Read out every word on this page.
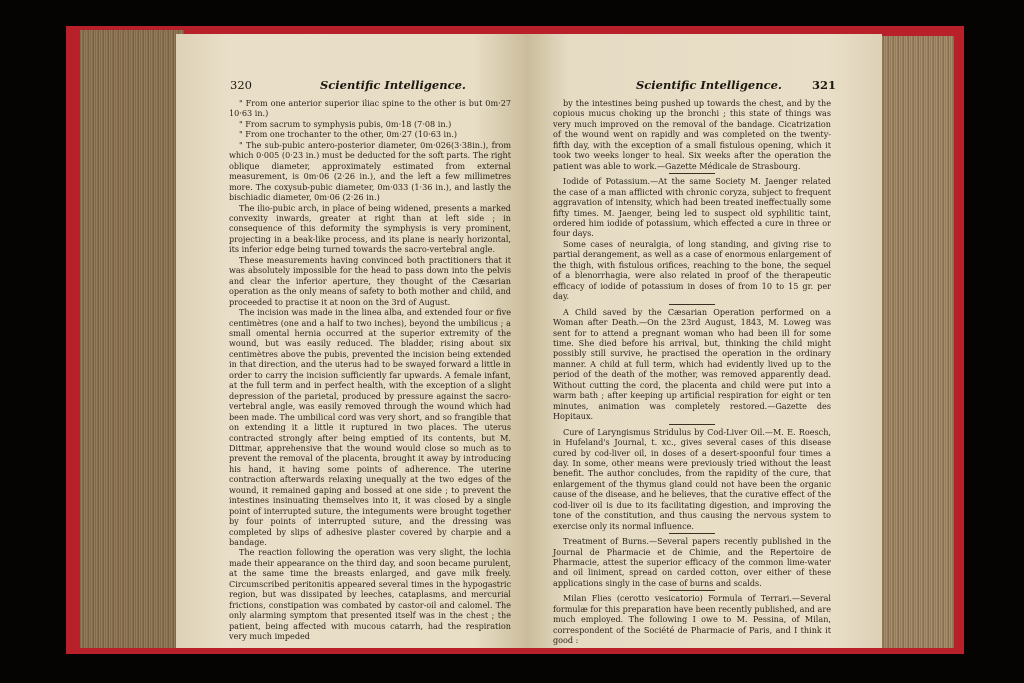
320	Scientific Intelligence.

" From one anterior superior iliac spine to the other is but 0m·27 10·63 in.)

" From sacrum to symphysis pubis, 0m·18 (7·08 in.)

" From one trochanter to the other, 0m·27 (10·63 in.)

" The sub-pubic antero-posterior diameter, 0m·026(3·38in.), from which 0·005 (0·23 in.) must be deducted for the soft parts. The right oblique diameter, approximately estimated from external measurement, is 0m·06 (2·26 in.), and the left a few millimetres more. The coxysub-pubic diameter, 0m·033 (1·36 in.), and lastly the bischiadic diameter, 0m·06 (2·26 in.)

The ilio-pubic arch, in place of being widened, presents a marked convexity inwards, greater at right than at left side ; in consequence of this deformity the symphysis is very prominent, projecting in a beak-like process, and its plane is nearly horizontal, its inferior edge being turned towards the sacro-vertebral angle.

These measurements having convinced both practitioners that it was absolutely impossible for the head to pass down into the pelvis and clear the inferior aperture, they thought of the Cæsarian operation as the only means of safety to both mother and child, and proceeded to practise it at noon on the 3rd of August.

The incision was made in the linea alba, and extended four or five centimètres (one and a half to two inches), beyond the umbilicus ; a small omental hernia occurred at the superior extremity of the wound, but was easily reduced. The bladder, rising about six centimètres above the pubis, prevented the incision being extended in that direction, and the uterus had to be swayed forward a little in order to carry the incision sufficiently far upwards. A female infant, at the full term and in perfect health, with the exception of a slight depression of the parietal, produced by pressure against the sacro-vertebral angle, was easily removed through the wound which had been made. The umbilical cord was very short, and so frangible that on extending it a little it ruptured in two places. The uterus contracted strongly after being emptied of its contents, but M. Dittmar, apprehensive that the wound would close so much as to prevent the removal of the placenta, brought it away by introducing his hand, it having some points of adherence. The uterine contraction afterwards relaxing unequally at the two edges of the wound, it remained gaping and bossed at one side ; to prevent the intestines insinuating themselves into it, it was closed by a single point of interrupted suture, the integuments were brought together by four points of interrupted suture, and the dressing was completed by slips of adhesive plaster covered by charpie and a bandage.

The reaction following the operation was very slight, the lochia made their appearance on the third day, and soon became purulent, at the same time the breasts enlarged, and gave milk freely. Circumscribed peritonitis appeared several times in the hypogastric region, but was dissipated by leeches, cataplasms, and mercurial frictions, constipation was combated by castor-oil and calomel. The only alarming symptom that presented itself was in the chest ; the patient, being affected with mucous catarrh, had the respiration very much impeded

Scientific Intelligence.	321

by the intestines being pushed up towards the chest, and by the copious mucus choking up the bronchi ; this state of things was very much improved on the removal of the bandage. Cicatrization of the wound went on rapidly and was completed on the twenty-fifth day, with the exception of a small fistulous opening, which it took two weeks longer to heal. Six weeks after the operation the patient was able to work.—Gazette Médicale de Strasbourg.

Iodide of Potassium.—At the same Society M. Jaenger related the case of a man afflicted with chronic coryza, subject to frequent aggravation of intensity, which had been treated ineffectually some fifty times. M. Jaenger, being led to suspect old syphilitic taint, ordered him iodide of potassium, which effected a cure in three or four days.

Some cases of neuralgia, of long standing, and giving rise to partial derangement, as well as a case of enormous enlargement of the thigh, with fistulous orifices, reaching to the bone, the sequel of a blenorrhagia, were also related in proof of the therapeutic efficacy of iodide of potassium in doses of from 10 to 15 gr. per day.

A Child saved by the Cæsarian Operation performed on a Woman after Death.—On the 23rd August, 1843, M. Loweg was sent for to attend a pregnant woman who had been ill for some time. She died before his arrival, but, thinking the child might possibly still survive, he practised the operation in the ordinary manner. A child at full term, which had evidently lived up to the period of the death of the mother, was removed apparently dead. Without cutting the cord, the placenta and child were put into a warm bath ; after keeping up artificial respiration for eight or ten minutes, animation was completely restored.—Gazette des Hopitaux.

Cure of Laryngismus Stridulus by Cod-Liver Oil.—M. E. Roesch, in Hufeland's Journal, t. xc., gives several cases of this disease cured by cod-liver oil, in doses of a desert-spoonful four times a day. In some, other means were previously tried without the least benefit. The author concludes, from the rapidity of the cure, that enlargement of the thymus gland could not have been the organic cause of the disease, and he believes, that the curative effect of the cod-liver oil is due to its facilitating digestion, and improving the tone of the constitution, and thus causing the nervous system to exercise only its normal influence.

Treatment of Burns.—Several papers recently published in the Journal de Pharmacie et de Chimie, and the Repertoire de Pharmacie, attest the superior efficacy of the common lime-water and oil liniment, spread on carded cotton, over either of these applications singly in the case of burns and scalds.

Milan Flies (cerotto vesicatorio) Formula of Terrari.—Several formulæ for this preparation have been recently published, and are much employed. The following I owe to M. Pessina, of Milan, correspondent of the Société de Pharmacie of Paris, and I think it good :
